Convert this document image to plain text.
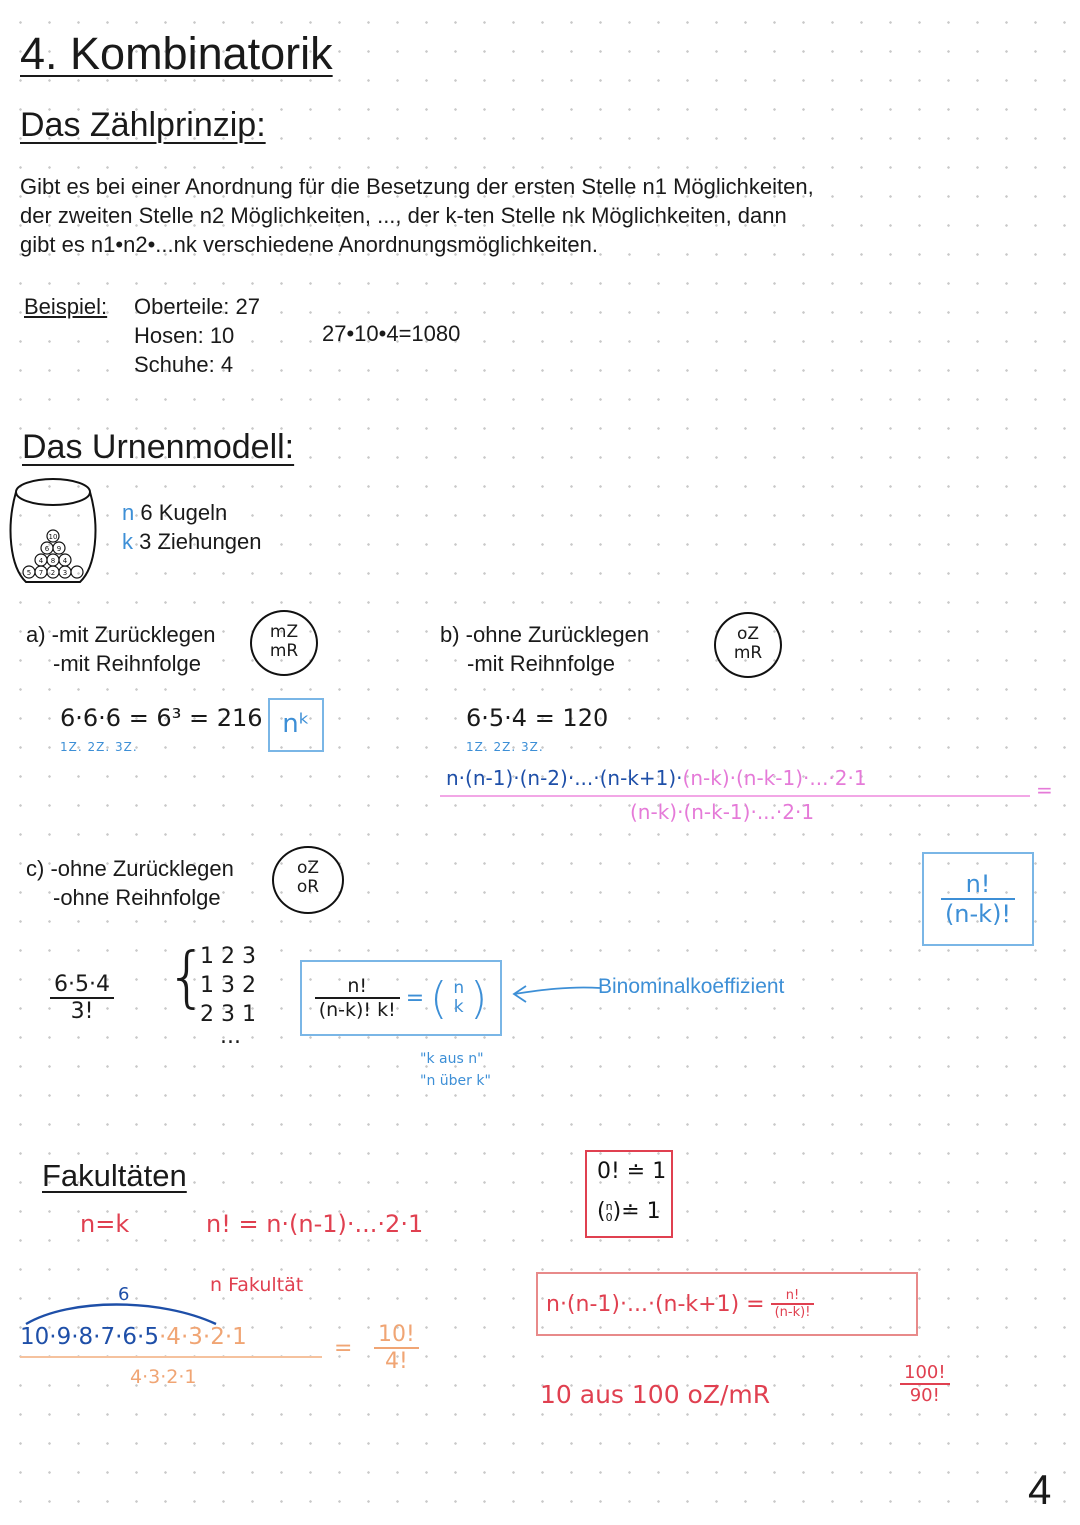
4. Kombinatorik
Das Zählprinzip:
Gibt es bei einer Anordnung für die Besetzung der ersten Stelle n1 Möglichkeiten,
der zweiten Stelle n2 Möglichkeiten, ..., der k-ten Stelle nk Möglichkeiten, dann
gibt es n1•n2•...nk verschiedene Anordnungsmöglichkeiten.
Beispiel: Oberteile: 27
Hosen: 10
Schuhe: 4
27•10•4=1080
Das Urnenmodell:
10
6 9
4 8 4
5 7 2 3
n 6 Kugeln
k 3 Ziehungen
a) -mit Zurücklegen
-mit Reihnfolge
mZ
mR
6·6·6 = 6³ = 216
1Z. 2Z. 3Z.
nᵏ
b) -ohne Zurücklegen
-mit Reihnfolge
oZ
mR
6·5·4 = 120
1Z. 2Z. 3Z.
n·(n-1)·(n-2)·...·(n-k+1)·(n-k)·(n-k-1)·...·2·1	=
(n-k)·(n-k-1)·...·2·1
$\frac{n!}{(n-k)!}$
c) -ohne Zurücklegen
-ohne Reihnfolge
oZ
oR
$\frac{6\cdot 5\cdot 4}{3!}$ {
1 2 3
1 3 2
2 3 1
...
$\frac{n!}{(n-k)! k!}$ = ( n
k )	Binominalkoeffizient
"k aus n"
"n über k"
Fakultäten
n=k	n! = n·(n-1)·...·2·1
n Fakultät
6
10·9·8·7·6·5·4·3·2·1
4·3·2·1
= $\frac{10!}{4!}$
0! ≐ 1
( n
0 )≐ 1
$n\cdot(n-1)\cdot...\cdot(n-k+1) = \frac{n!}{(n-k)!}$
10 aus 100 oZ/mR	$\frac{100!}{90!}$
4
